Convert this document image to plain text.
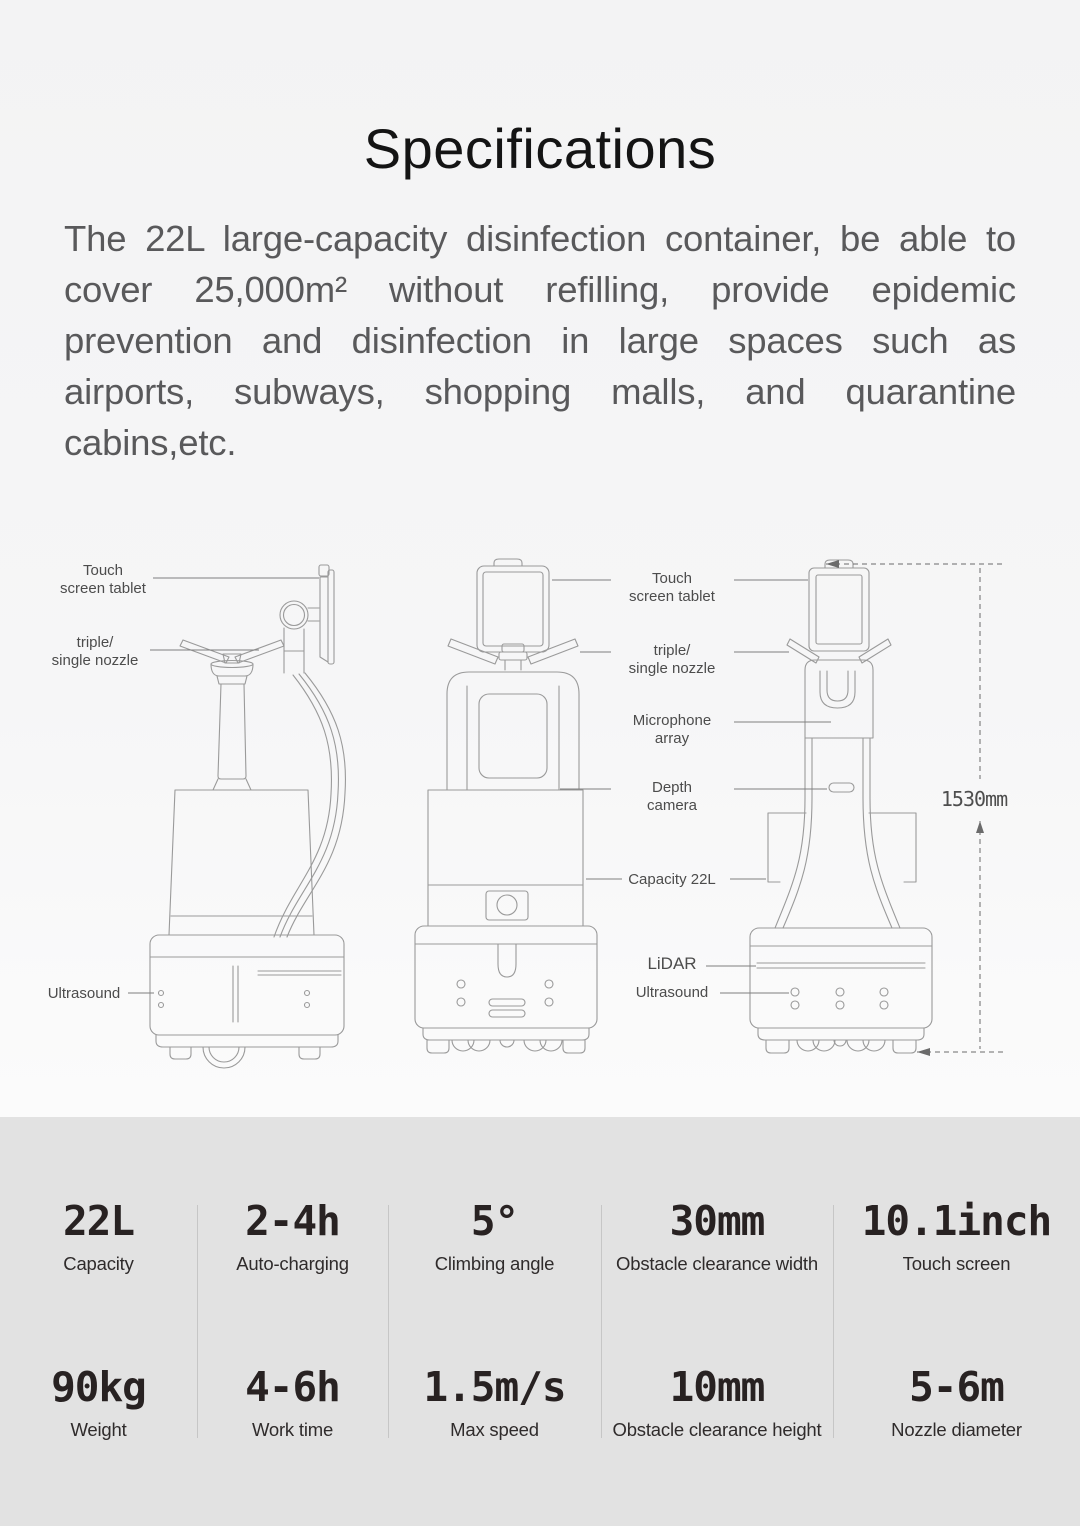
Specifications
The 22L large-capacity disinfection container, be able to cover 25,000m² without refilling, provide epidemic prevention and disinfection in large spaces such as airports, subways, shopping malls, and quarantine cabins,etc.
Touch
screen tablet
triple/
single nozzle
Ultrasound
Touch
screen tablet
triple/
single nozzle
Microphone
array
Depth
camera
Capacity 22L
LiDAR
Ultrasound
1530mm
22L
Capacity
2-4h
Auto-charging
5°
Climbing angle
30mm
Obstacle clearance width
10.1inch
Touch screen
90kg
Weight
4-6h
Work time
1.5m/s
Max speed
10mm
Obstacle clearance height
5-6m
Nozzle diameter
